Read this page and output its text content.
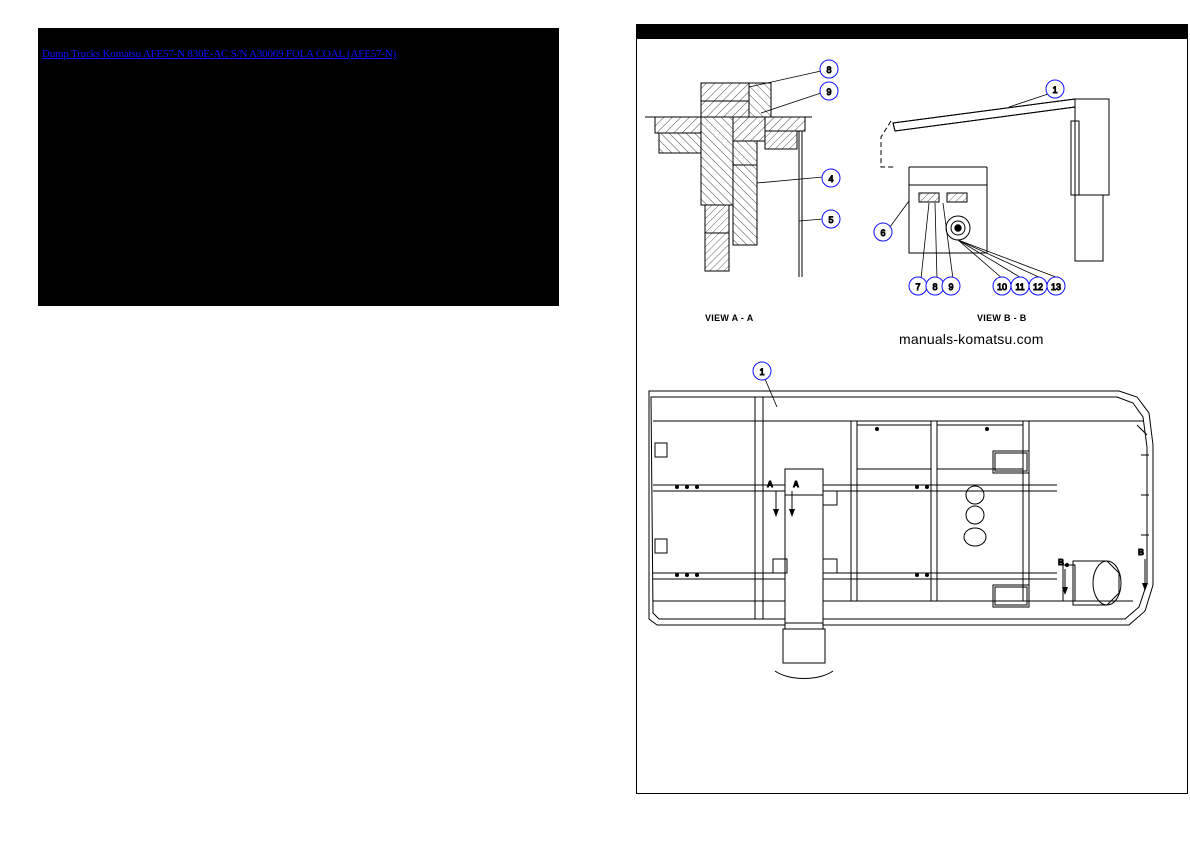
Dump Trucks Komatsu AFE57-N 830E-AC S/N A30069 FOLA COAL (AFE57-N)
manuals-komatsu.com
VIEW A - A	VIEW B - B
8
9
4
5
1
6
7 8 9	10 11 12 13
1
A	A
B
B
